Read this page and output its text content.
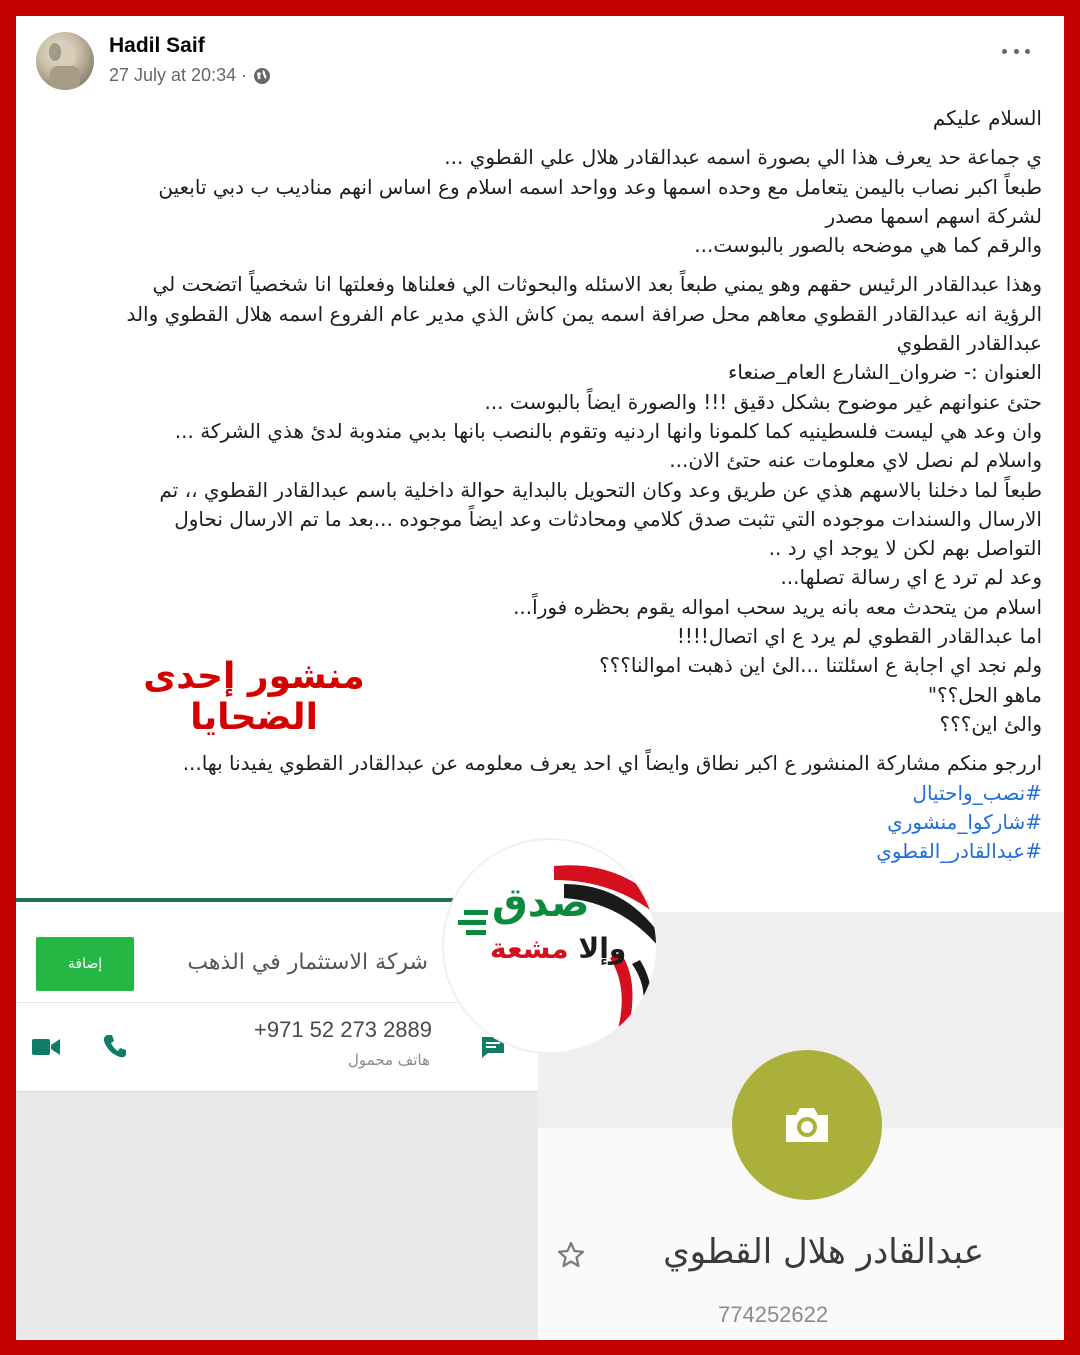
Hadil Saif
27 July at 20:34 ·

السلام عليكم

ي جماعة حد يعرف هذا الي بصورة اسمه عبدالقادر هلال علي القطوي ...

طبعاً اكبر نصاب باليمن يتعامل مع وحده اسمها وعد وواحد اسمه اسلام وع اساس انهم مناديب ب دبي تابعين

لشركة اسهم اسمها مصدر

والرقم كما هي موضحه بالصور بالبوست...

وهذا عبدالقادر الرئيس حقهم وهو يمني طبعاً بعد الاسئله والبحوثات الي فعلناها وفعلتها انا شخصياً اتضحت لي

الرؤية انه عبدالقادر القطوي معاهم محل صرافة اسمه يمن كاش الذي مدير عام الفروع اسمه هلال القطوي والد

عبدالقادر القطوي

العنوان :- ضروان_الشارع العام_صنعاء

حتئ عنوانهم غير موضوح بشكل دقيق !!! والصورة ايضاً بالبوست ...

وان وعد هي ليست فلسطينيه كما كلمونا وانها اردنيه وتقوم بالنصب بانها بدبي مندوبة لدئ هذي الشركة ...

واسلام لم نصل لاي معلومات عنه حتئ الان...

طبعاً لما دخلنا بالاسهم هذي عن طريق وعد وكان التحويل بالبداية حوالة داخلية باسم عبدالقادر القطوي ،، تم

الارسال والسندات موجوده التي تثبت صدق كلامي ومحادثات وعد ايضاً موجوده ...بعد ما تم الارسال نحاول

التواصل بهم لكن لا يوجد اي رد ..

وعد لم ترد ع اي رسالة تصلها...

اسلام من يتحدث معه بانه يريد سحب امواله يقوم بحظره فوراً...

اما عبدالقادر القطوي لم يرد ع اي اتصال!!!!

ولم نجد اي اجابة ع اسئلتنا ...الئ اين ذهبت اموالنا؟؟؟

ماهو الحل؟؟"

والئ اين؟؟؟

اررجو منكم مشاركة المنشور ع اكبر نطاق وايضاً اي احد يعرف معلومه عن عبدالقادر القطوي يفيدنا بها...

#نصب_واحتيال

#شاركوا_منشوري

#عبدالقادر_القطوي

منشور إحدى الضحايا
إضافة	شركة الاستثمار في الذهب
+971 52 273 2889
هاتف محمول
عبدالقادر هلال القطوي
774252622
صدق
وإلا مشعة
